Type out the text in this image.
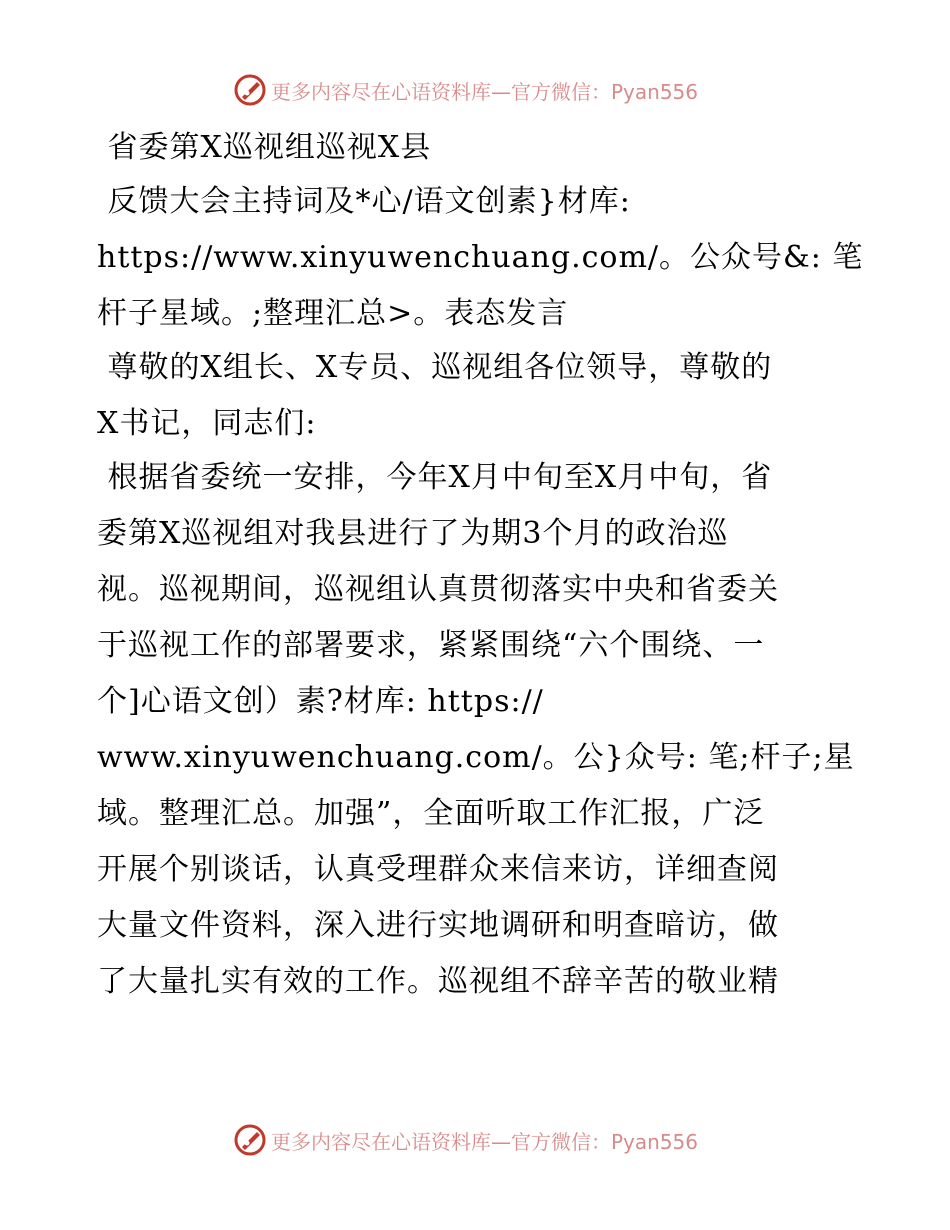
更多内容尽在心语资料库—官方微信：Pyan556
省委第X巡视组巡视X县
反馈大会主持词及*心/语文创素}材库:
https://www.xinyuwenchuang.com/。公众号&: 笔
杆子星域。;整理汇总>。表态发言
尊敬的X组长、X专员、巡视组各位领导，尊敬的
X书记，同志们:
根据省委统一安排，今年X月中旬至X月中旬，省
委第X巡视组对我县进行了为期3个月的政治巡
视。巡视期间，巡视组认真贯彻落实中央和省委关
于巡视工作的部署要求，紧紧围绕“六个围绕、一
个]心语文创）素?材库: https://
www.xinyuwenchuang.com/。公}众号: 笔;杆子;星
域。整理汇总。加强”，全面听取工作汇报，广泛
开展个别谈话，认真受理群众来信来访，详细查阅
大量文件资料，深入进行实地调研和明查暗访，做
了大量扎实有效的工作。巡视组不辞辛苦的敬业精
更多内容尽在心语资料库—官方微信：Pyan556
